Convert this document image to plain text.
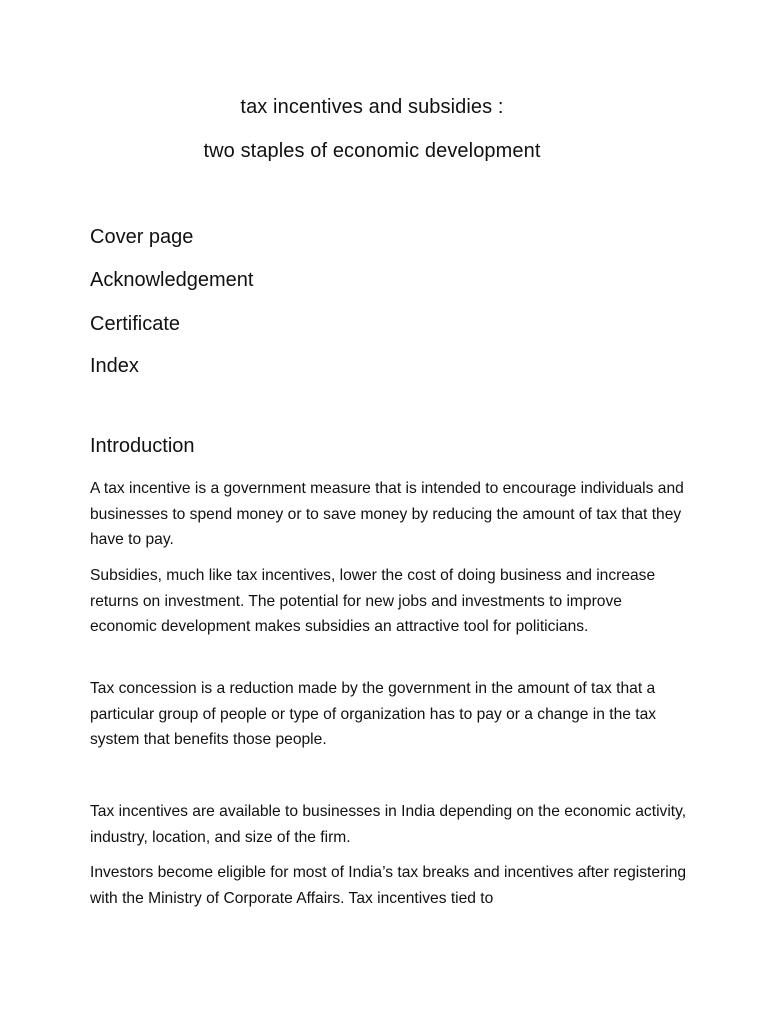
tax incentives and subsidies :
two staples of economic development
Cover page
Acknowledgement
Certificate
Index
Introduction
A tax incentive is a government measure that is intended to encourage individuals and businesses to spend money or to save money by reducing the amount of tax that they have to pay.
Subsidies, much like tax incentives, lower the cost of doing business and increase returns on investment. The potential for new jobs and investments to improve economic development makes subsidies an attractive tool for politicians.
Tax concession is a reduction made by the government in the amount of tax that a particular group of people or type of organization has to pay or a change in the tax system that benefits those people.
Tax incentives are available to businesses in India depending on the economic activity, industry, location, and size of the firm.
Investors become eligible for most of India’s tax breaks and incentives after registering with the Ministry of Corporate Affairs. Tax incentives tied to
